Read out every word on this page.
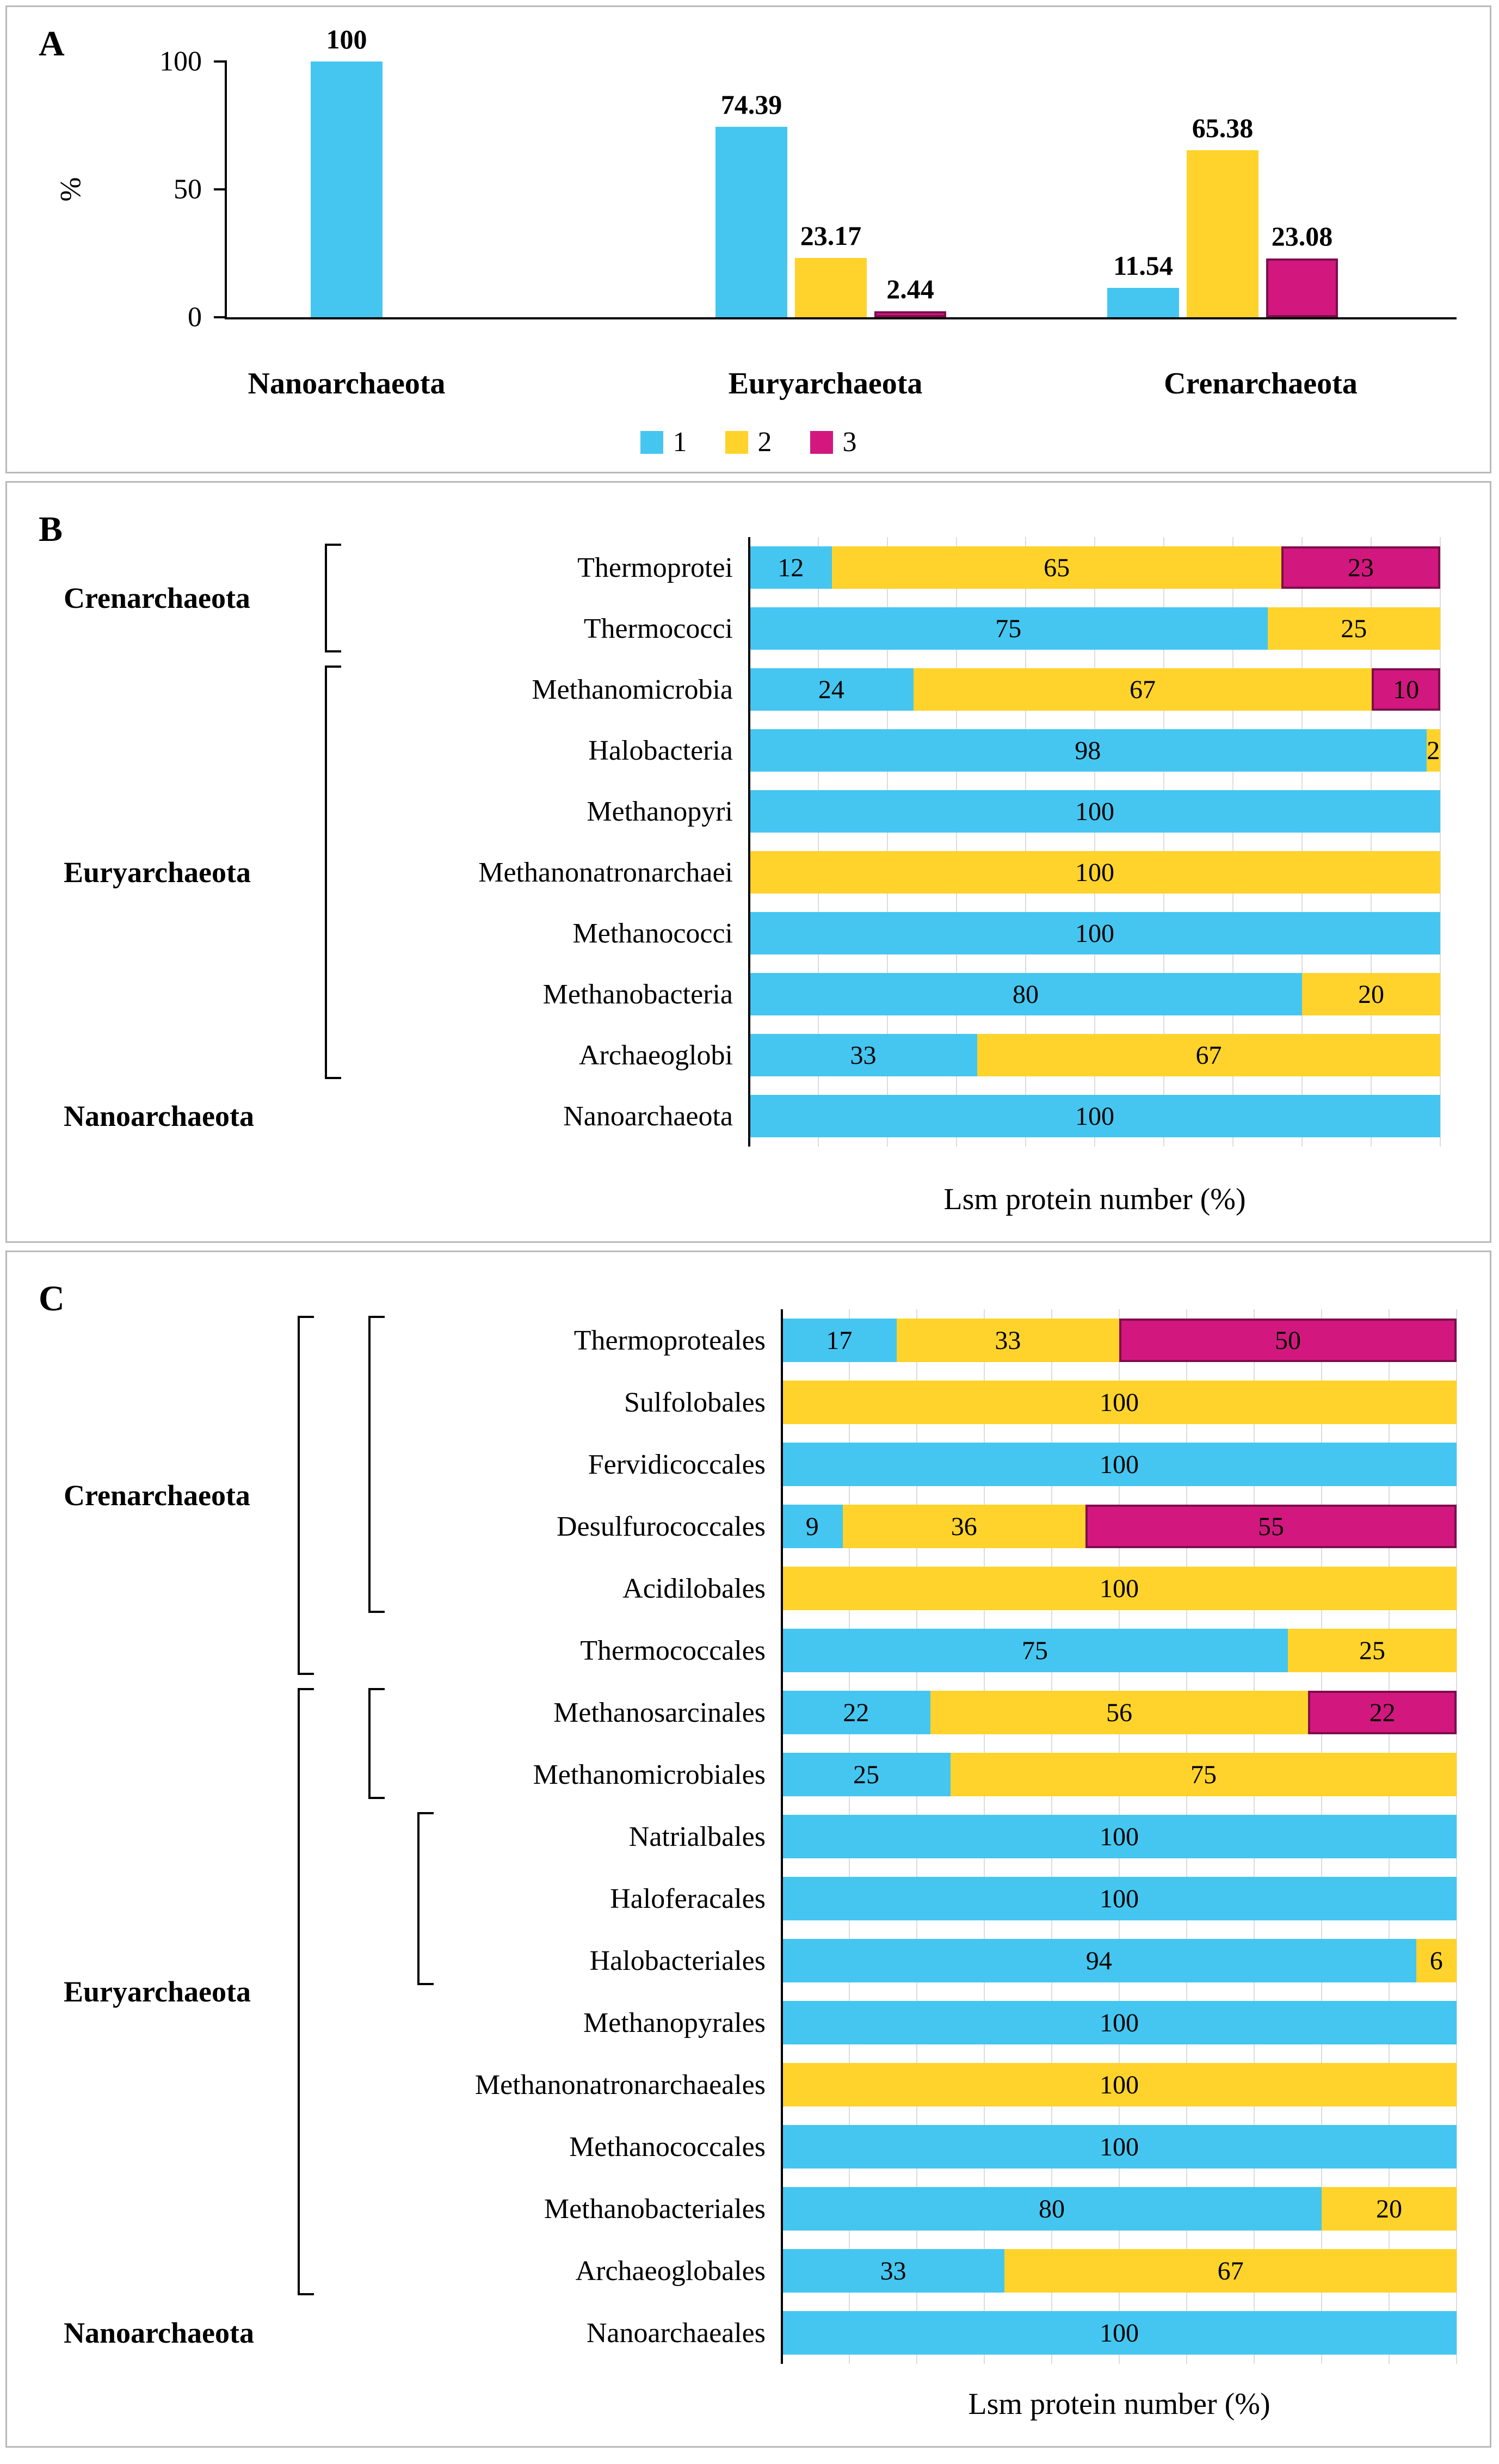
A
%
0
50
100
100
Nanoarchaeota
74.39
23.17
2.44
Euryarchaeota
11.54
65.38
23.08
Crenarchaeota
1	2	3
B
Thermoprotei	12	65	23
Thermococci	75	25
Methanomicrobia	24	67	10
Halobacteria	98	2
Methanopyri	100
Methanonatronarchaei	100
Methanococci	100
Methanobacteria	80	20
Archaeoglobi	33	67
Nanoarchaeota	100
Crenarchaeota
Euryarchaeota
Nanoarchaeota
Lsm protein number (%)
C
Thermoproteales	17	33	50
Sulfolobales	100
Fervidicoccales	100
Desulfurococcales	9	36	55
Acidilobales	100
Thermococcales	75	25
Methanosarcinales	22	56	22
Methanomicrobiales	25	75
Natrialbales	100
Haloferacales	100
Halobacteriales	94	6
Methanopyrales	100
Methanonatronarchaeales	100
Methanococcales	100
Methanobacteriales	80	20
Archaeoglobales	33	67
Nanoarchaeales	100
Crenarchaeota
Euryarchaeota
Nanoarchaeota
Lsm protein number (%)
